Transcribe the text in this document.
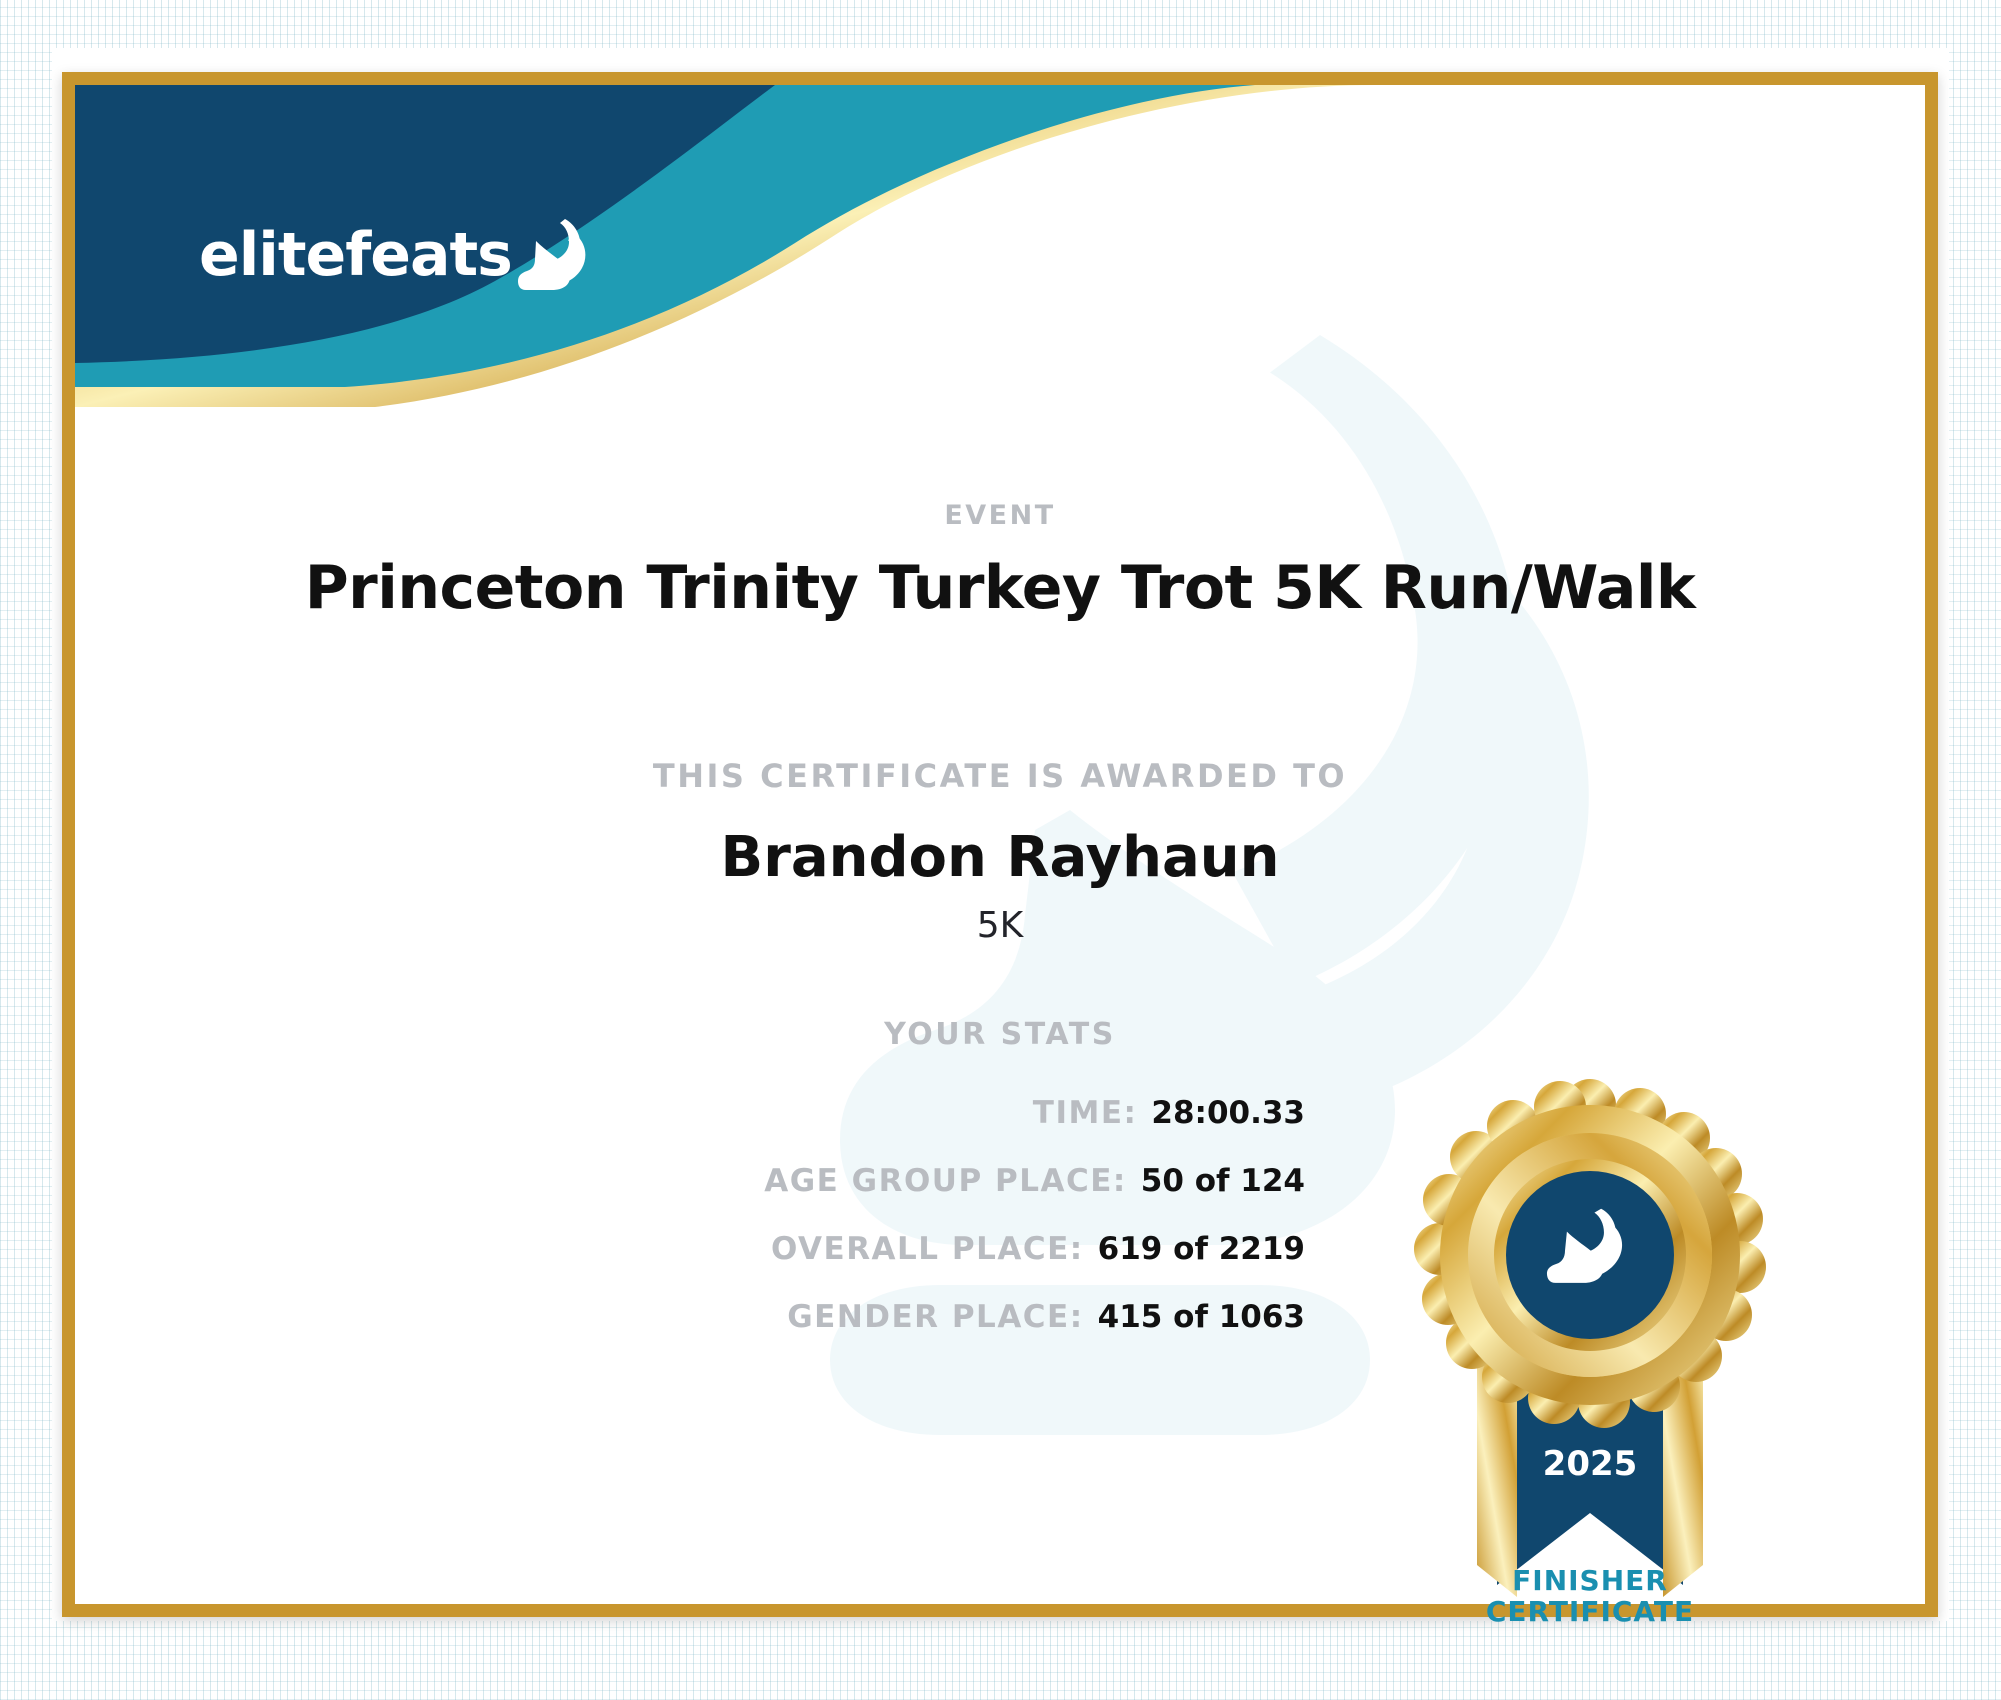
elitefeats
EVENT
Princeton Trinity Turkey Trot 5K Run/Walk
THIS CERTIFICATE IS AWARDED TO
Brandon Rayhaun
5K
YOUR STATS
TIME: 28:00.33
AGE GROUP PLACE: 50 of 124
OVERALL PLACE: 619 of 2219
GENDER PLACE: 415 of 1063
2025
FINISHER
CERTIFICATE
